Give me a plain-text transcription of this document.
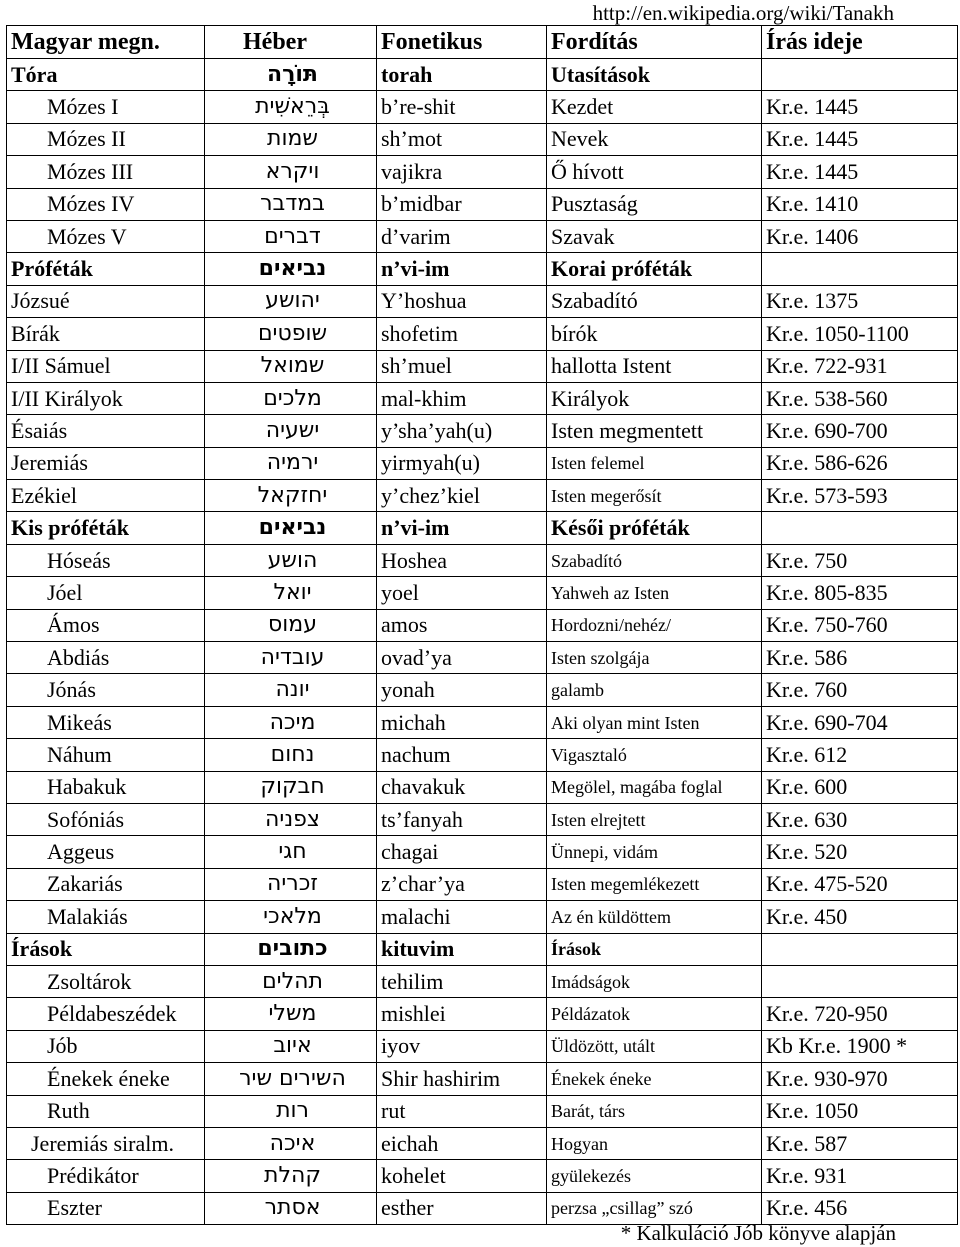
http://en.wikipedia.org/wiki/Tanakh
Magyar megn.	Héber	Fonetikus	Fordítás	Írás ideje
Tóra	תּוֹרָה	torah	Utasítások	
Mózes I	בְּרֵאשִׁית	b’re-shit	Kezdet	Kr.e. 1445
Mózes II	שמות	sh’mot	Nevek	Kr.e. 1445
Mózes III	ויקרא	vajikra	Ő hívott	Kr.e. 1445
Mózes IV	במדבר	b’midbar	Pusztaság	Kr.e. 1410
Mózes V	דברים	d’varim	Szavak	Kr.e. 1406
Próféták	נביאים	n’vi-im	Korai próféták	
Józsué	יהושע	Y’hoshua	Szabadító	Kr.e. 1375
Bírák	שופטים	shofetim	bírók	Kr.e. 1050-1100
I/II Sámuel	שמואל	sh’muel	hallotta Istent	Kr.e. 722-931
I/II Királyok	מלכים	mal-khim	Királyok	Kr.e. 538-560
Ésaiás	ישעיה	y’sha’yah(u)	Isten megmentett	Kr.e. 690-700
Jeremiás	ירמיה	yirmyah(u)	Isten felemel	Kr.e. 586-626
Ezékiel	יחזקאל	y’chez’kiel	Isten megerősít	Kr.e. 573-593
Kis próféták	נביאים	n’vi-im	Késői próféták	
Hóseás	הושע	Hoshea	Szabadító	Kr.e. 750
Jóel	יואל	yoel	Yahweh az Isten	Kr.e. 805-835
Ámos	עמוס	amos	Hordozni/nehéz/	Kr.e. 750-760
Abdiás	עובדיה	ovad’ya	Isten szolgája	Kr.e. 586
Jónás	יונה	yonah	galamb	Kr.e. 760
Mikeás	מיכה	michah	Aki olyan mint Isten	Kr.e. 690-704
Náhum	נחום	nachum	Vigasztaló	Kr.e. 612
Habakuk	חבקוק	chavakuk	Megölel, magába foglal	Kr.e. 600
Sofóniás	צפניה	ts’fanyah	Isten elrejtett	Kr.e. 630
Aggeus	חגי	chagai	Ünnepi, vidám	Kr.e. 520
Zakariás	זכריה	z’char’ya	Isten megemlékezett	Kr.e. 475-520
Malakiás	מלאכי	malachi	Az én küldöttem	Kr.e. 450
Írások	כתובים	kituvim	Írások	
Zsoltárok	תהלים	tehilim	Imádságok	
Példabeszédek	משלי	mishlei	Példázatok	Kr.e. 720-950
Jób	איוב	iyov	Üldözött, utált	Kb Kr.e. 1900 *
Énekek éneke	השירים שיר	Shir hashirim	Énekek éneke	Kr.e. 930-970
Ruth	רות	rut	Barát, társ	Kr.e. 1050
Jeremiás siralm.	איכה	eichah	Hogyan	Kr.e. 587
Prédikátor	קהלת	kohelet	gyülekezés	Kr.e. 931
Eszter	אסתר	esther	perzsa „csillag” szó	Kr.e. 456
* Kalkuláció Jób könyve alapján
